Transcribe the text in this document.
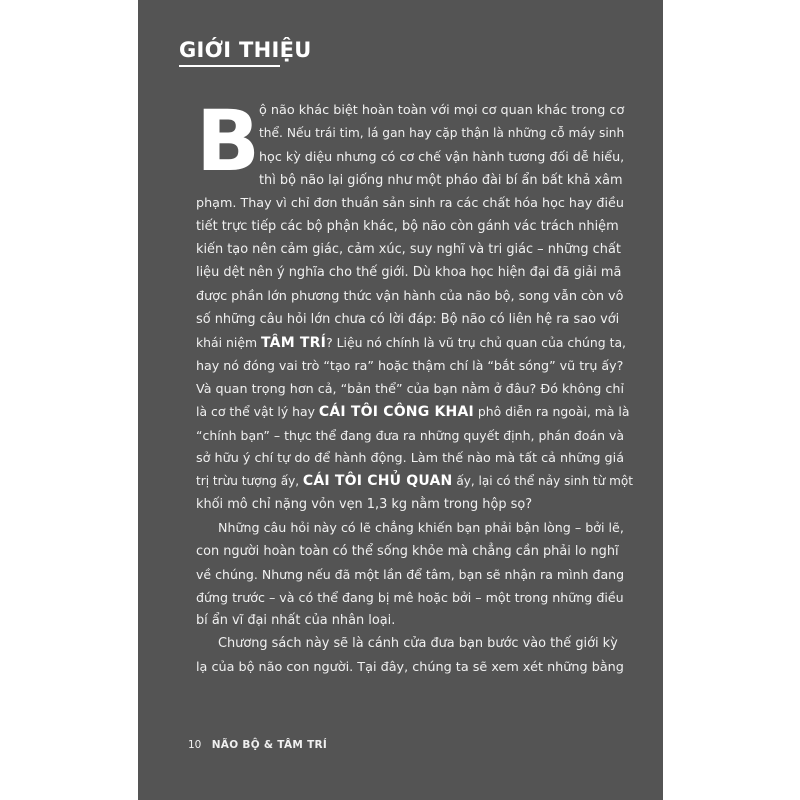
GIỚI THIỆU
B
ộ não khác biệt hoàn toàn với mọi cơ quan khác trong cơ
thể. Nếu trái tim, lá gan hay cặp thận là những cỗ máy sinh
học kỳ diệu nhưng có cơ chế vận hành tương đối dễ hiểu,
thì bộ não lại giống như một pháo đài bí ẩn bất khả xâm
phạm. Thay vì chỉ đơn thuần sản sinh ra các chất hóa học hay điều
tiết trực tiếp các bộ phận khác, bộ não còn gánh vác trách nhiệm
kiến tạo nên cảm giác, cảm xúc, suy nghĩ và tri giác – những chất
liệu dệt nên ý nghĩa cho thế giới. Dù khoa học hiện đại đã giải mã
được phần lớn phương thức vận hành của não bộ, song vẫn còn vô
số những câu hỏi lớn chưa có lời đáp: Bộ não có liên hệ ra sao với
khái niệm TÂM TRÍ? Liệu nó chính là vũ trụ chủ quan của chúng ta,
hay nó đóng vai trò “tạo ra” hoặc thậm chí là “bắt sóng” vũ trụ ấy?
Và quan trọng hơn cả, “bản thể” của bạn nằm ở đâu? Đó không chỉ
là cơ thể vật lý hay CÁI TÔI CÔNG KHAI phô diễn ra ngoài, mà là
“chính bạn” – thực thể đang đưa ra những quyết định, phán đoán và
sở hữu ý chí tự do để hành động. Làm thế nào mà tất cả những giá
trị trừu tượng ấy, CÁI TÔI CHỦ QUAN ấy, lại có thể nảy sinh từ một
khối mô chỉ nặng vỏn vẹn 1,3 kg nằm trong hộp sọ?
Những câu hỏi này có lẽ chẳng khiến bạn phải bận lòng – bởi lẽ,
con người hoàn toàn có thể sống khỏe mà chẳng cần phải lo nghĩ
về chúng. Nhưng nếu đã một lần để tâm, bạn sẽ nhận ra mình đang
đứng trước – và có thể đang bị mê hoặc bởi – một trong những điều
bí ẩn vĩ đại nhất của nhân loại.
Chương sách này sẽ là cánh cửa đưa bạn bước vào thế giới kỳ
lạ của bộ não con người. Tại đây, chúng ta sẽ xem xét những bằng
10 NÃO BỘ & TÂM TRÍ
